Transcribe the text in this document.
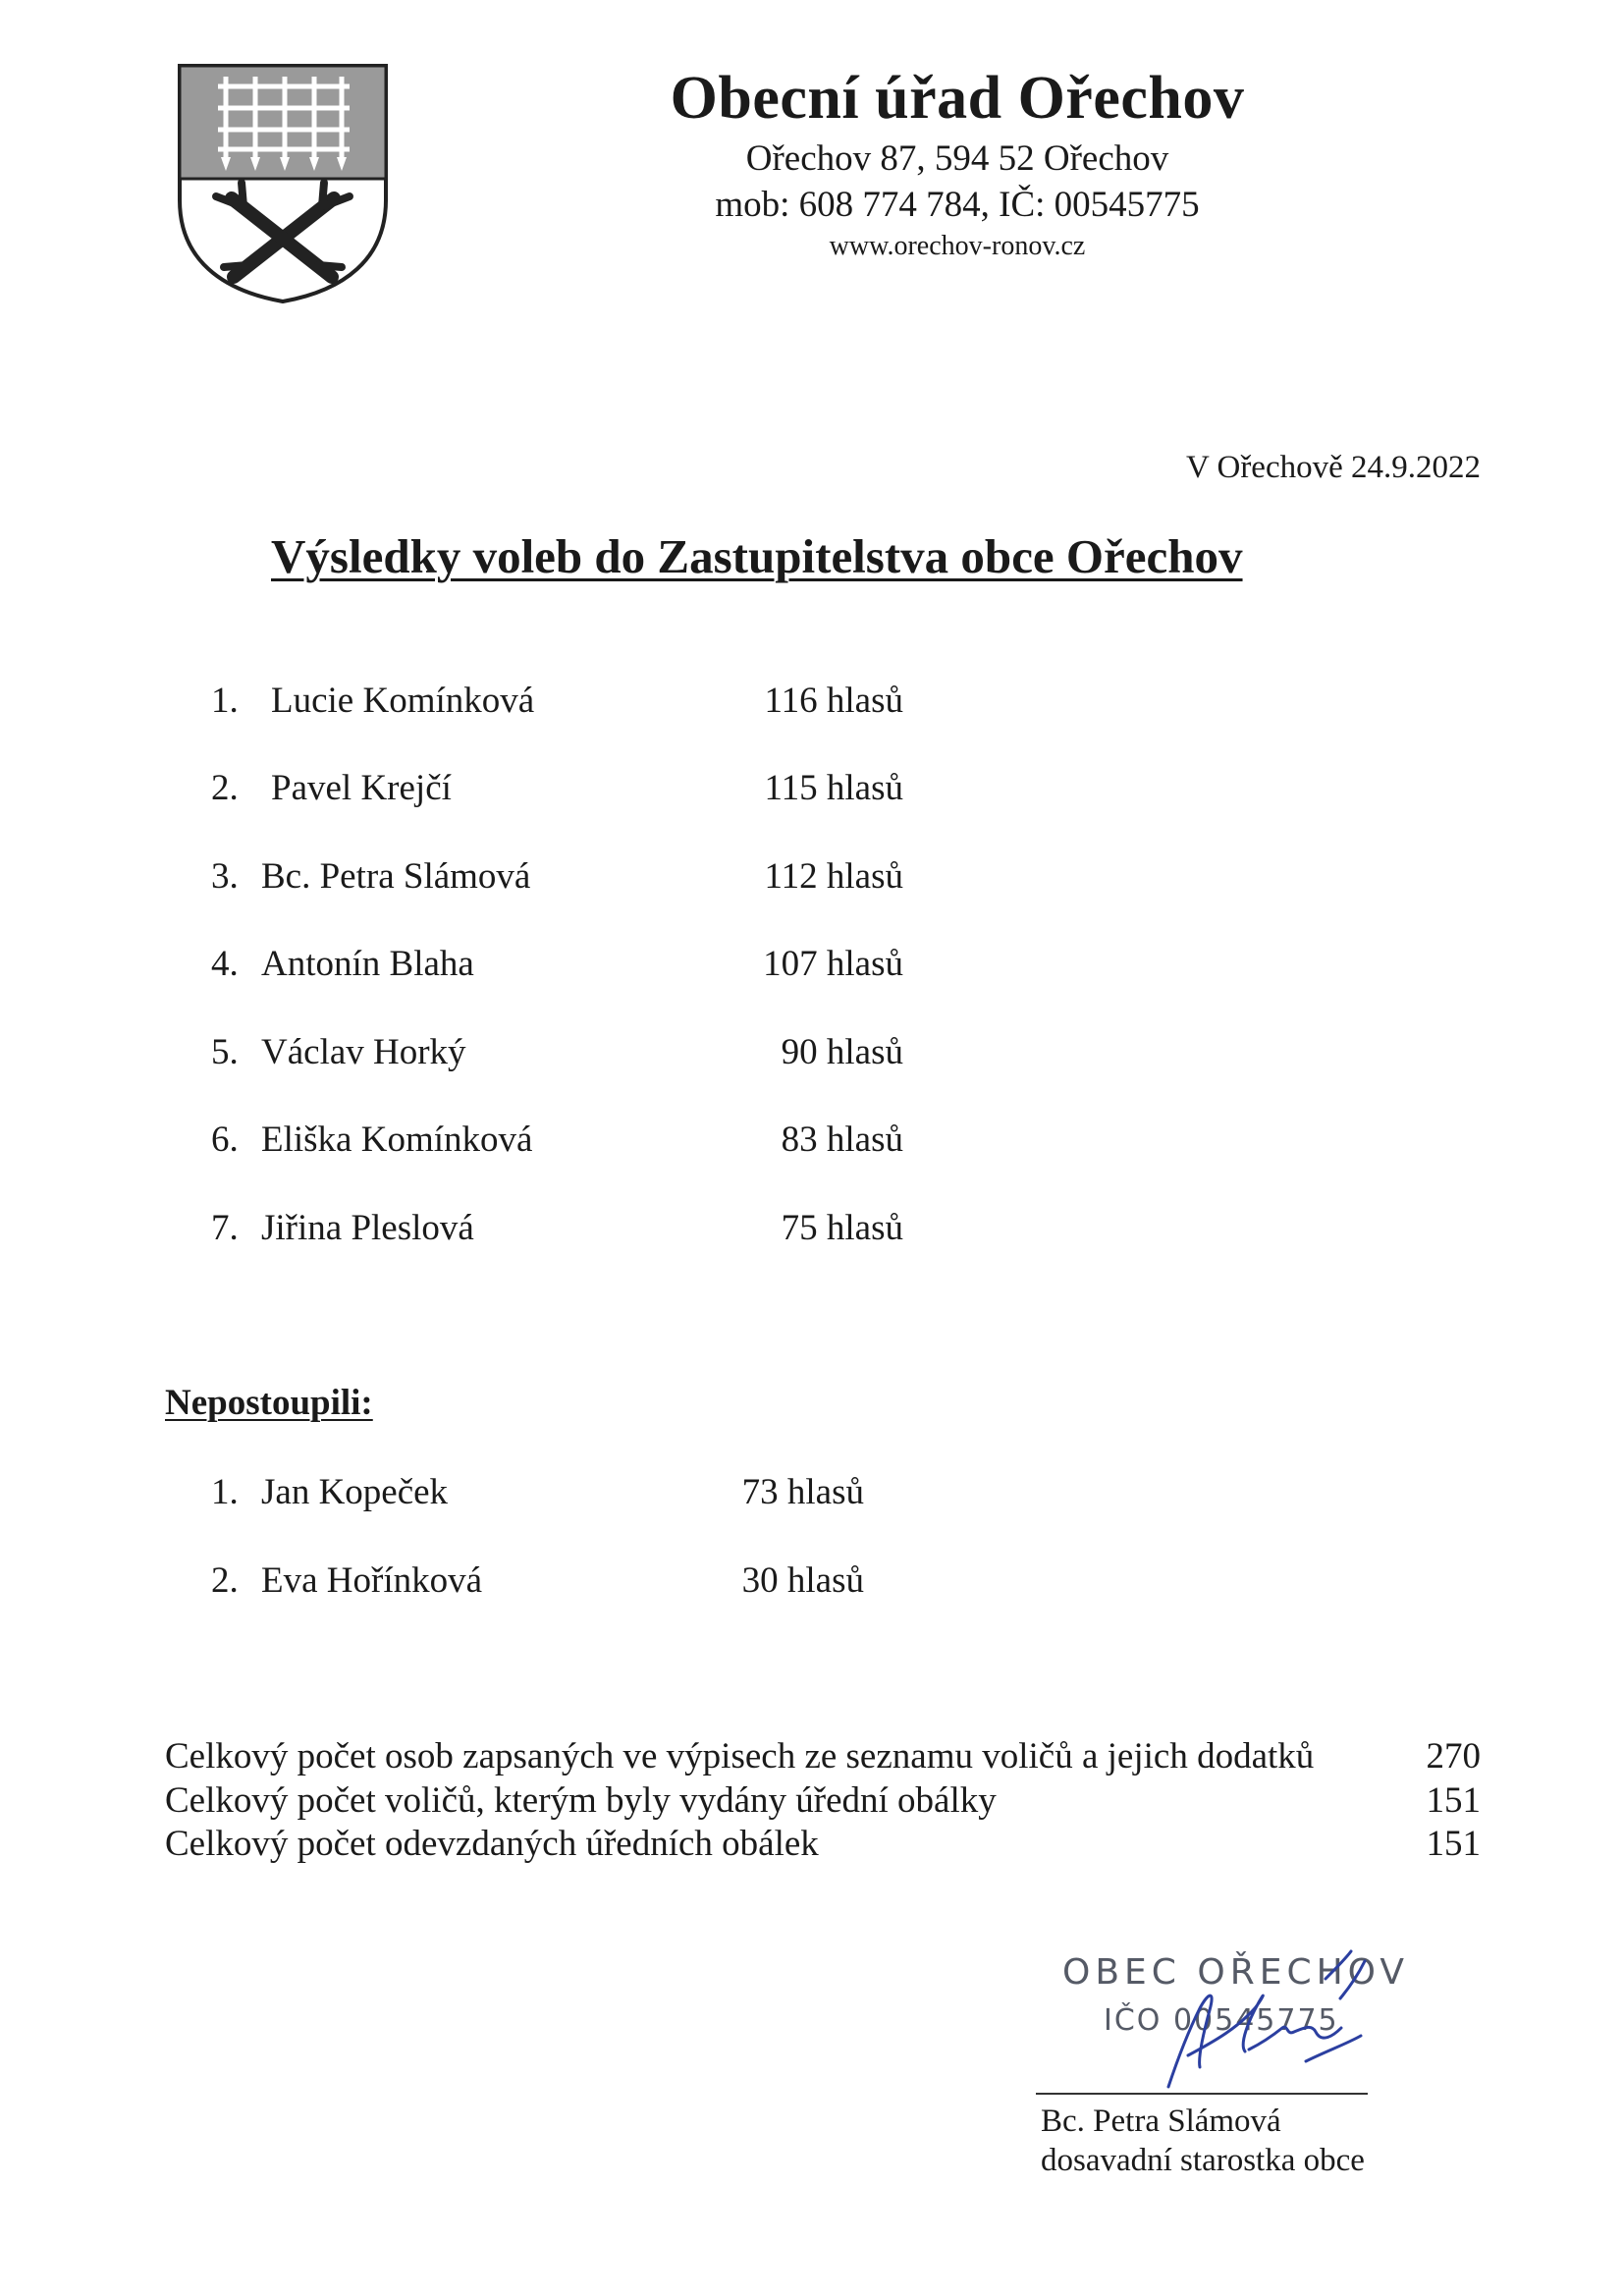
Obecní úřad Ořechov
Ořechov 87, 594 52 Ořechov
mob: 608 774 784, IČ: 00545775
www.orechov-ronov.cz
V Ořechově 24.9.2022
Výsledky voleb do Zastupitelstva obce Ořechov
1. Lucie Komínková	116 hlasů
2. Pavel Krejčí	115 hlasů
3. Bc. Petra Slámová	112 hlasů
4. Antonín Blaha	107 hlasů
5. Václav Horký	90 hlasů
6. Eliška Komínková	83 hlasů
7. Jiřina Pleslová	75 hlasů
Nepostoupili:
1. Jan Kopeček	73 hlasů
2. Eva Hořínková	30 hlasů
Celkový počet osob zapsaných ve výpisech ze seznamu voličů a jejich dodatků	270
Celkový počet voličů, kterým byly vydány úřední obálky	151
Celkový počet odevzdaných úředních obálek	151
OBEC OŘECHOV
IČO 00545775
Bc. Petra Slámová
dosavadní starostka obce
